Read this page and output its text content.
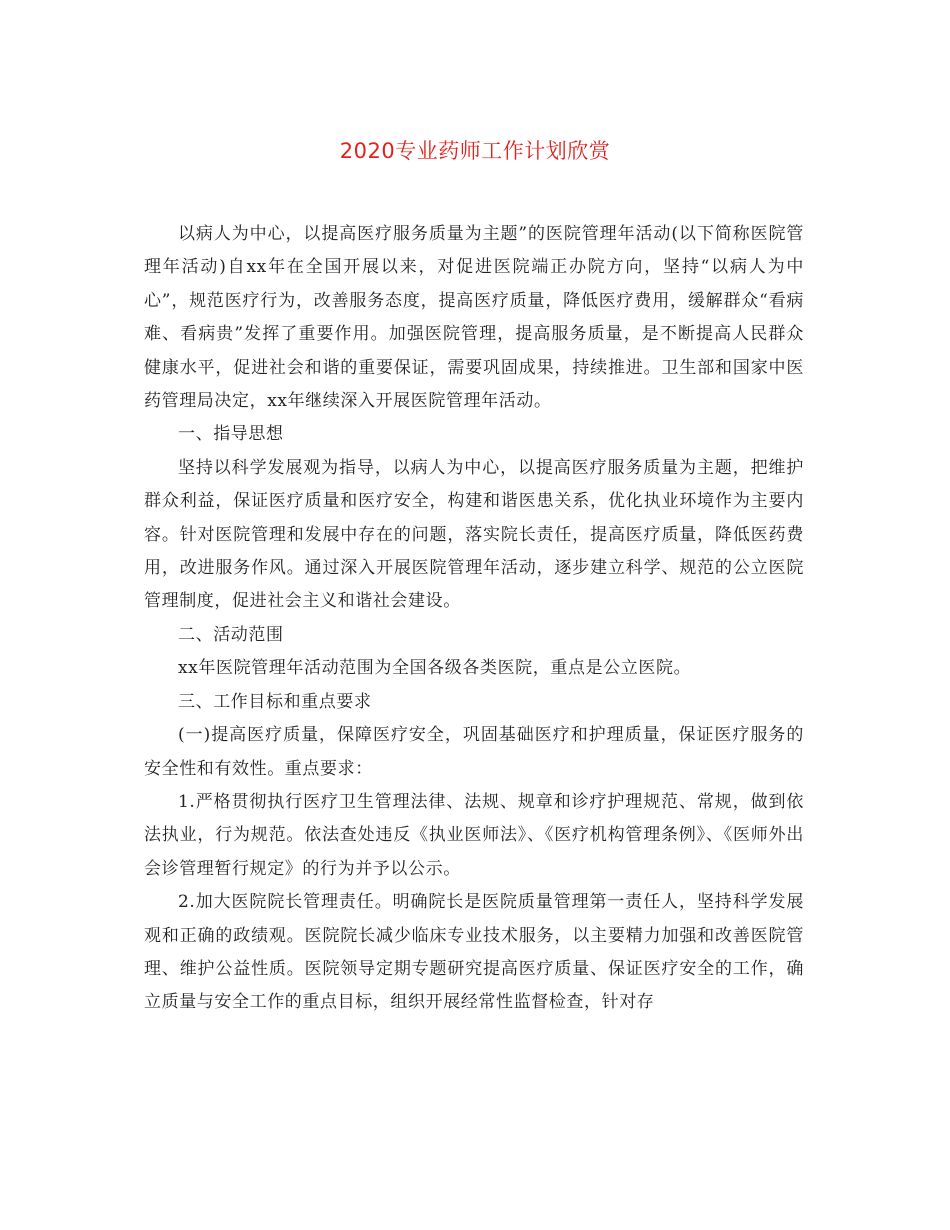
2020专业药师工作计划欣赏

以病人为中心，以提高医疗服务质量为主题”的医院管理年活动(以下简称医院管理年活动)自xx年在全国开展以来，对促进医院端正办院方向，坚持“以病人为中心”，规范医疗行为，改善服务态度，提高医疗质量，降低医疗费用，缓解群众“看病难、看病贵”发挥了重要作用。加强医院管理，提高服务质量，是不断提高人民群众健康水平，促进社会和谐的重要保证，需要巩固成果，持续推进。卫生部和国家中医药管理局决定，xx年继续深入开展医院管理年活动。

一、指导思想

坚持以科学发展观为指导，以病人为中心，以提高医疗服务质量为主题，把维护群众利益，保证医疗质量和医疗安全，构建和谐医患关系，优化执业环境作为主要内容。针对医院管理和发展中存在的问题，落实院长责任，提高医疗质量，降低医药费用，改进服务作风。通过深入开展医院管理年活动，逐步建立科学、规范的公立医院管理制度，促进社会主义和谐社会建设。

二、活动范围

xx年医院管理年活动范围为全国各级各类医院，重点是公立医院。

三、工作目标和重点要求

(一)提高医疗质量，保障医疗安全，巩固基础医疗和护理质量，保证医疗服务的安全性和有效性。重点要求：

1.严格贯彻执行医疗卫生管理法律、法规、规章和诊疗护理规范、常规，做到依法执业，行为规范。依法查处违反《执业医师法》、《医疗机构管理条例》、《医师外出会诊管理暂行规定》的行为并予以公示。

2.加大医院院长管理责任。明确院长是医院质量管理第一责任人，坚持科学发展观和正确的政绩观。医院院长减少临床专业技术服务，以主要精力加强和改善医院管理、维护公益性质。医院领导定期专题研究提高医疗质量、保证医疗安全的工作，确立质量与安全工作的重点目标，组织开展经常性监督检查，针对存
